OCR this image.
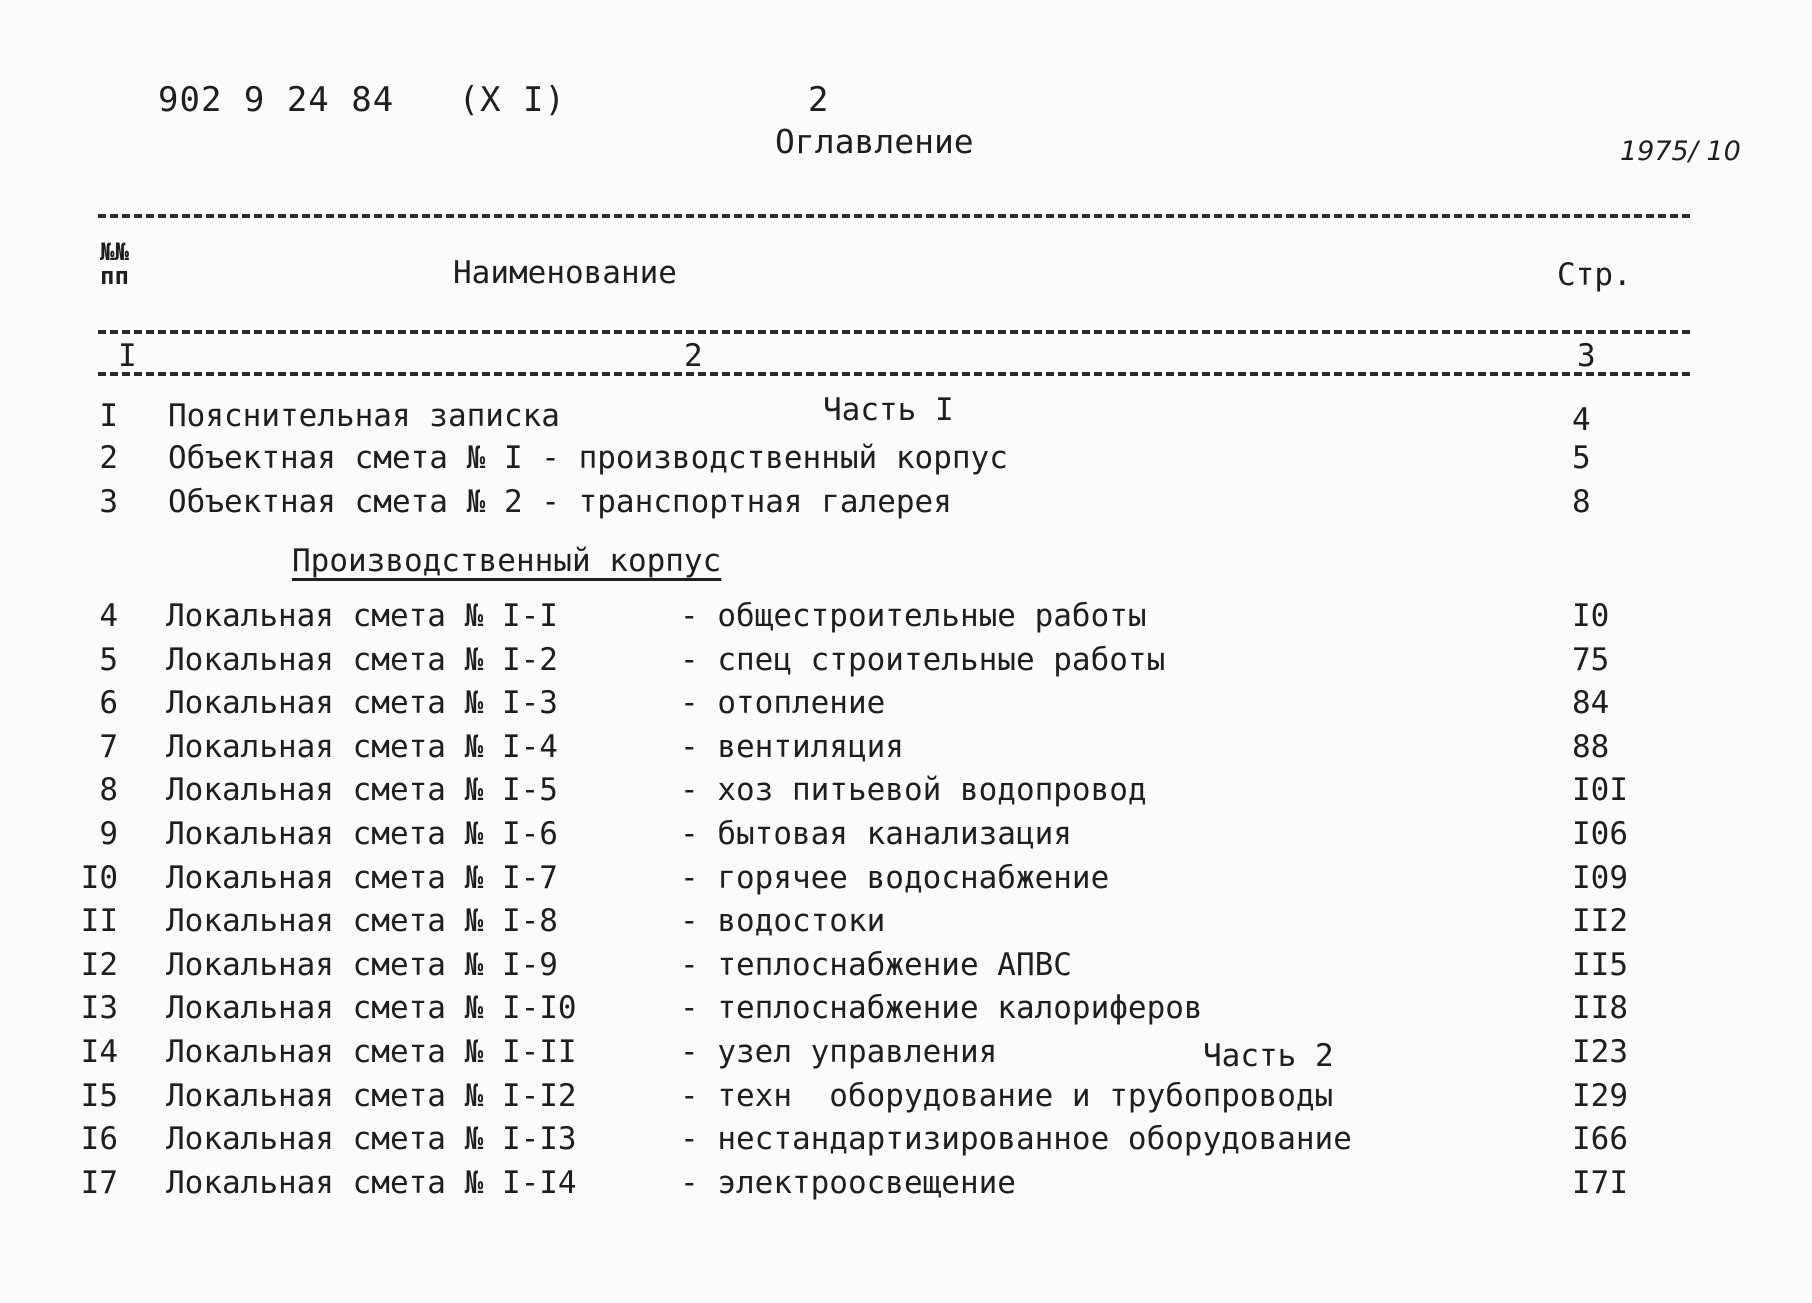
902 9 24 84   (X I)	2
Оглавление	1975/ 10
№№
пп	Наименование	Стр.
I	2	3
Часть I
I Пояснительная записка	4
2 Объектная смета № I - производственный корпус	5
3 Объектная смета № 2 - транспортная галерея	8
Производственный корпус
4 Локальная смета № I-I	- общестроительные работы	I0
5 Локальная смета № I-2	- спец строительные работы	75
6 Локальная смета № I-3	- отопление	84
7 Локальная смета № I-4	- вентиляция	88
8 Локальная смета № I-5	- хоз питьевой водопровод	I0I
9 Локальная смета № I-6	- бытовая канализация	I06
I0 Локальная смета № I-7	- горячее водоснабжение	I09
II Локальная смета № I-8	- водостоки	II2
I2 Локальная смета № I-9	- теплоснабжение АПВС	II5
I3 Локальная смета № I-I0	- теплоснабжение калориферов	II8
I4 Локальная смета № I-II	- узел управления	I23
I5 Локальная смета № I-I2	- техн  оборудование и трубопроводы	I29
I6 Локальная смета № I-I3	- нестандартизированное оборудование	I66
I7 Локальная смета № I-I4	- электроосвещение	I7I
Часть 2
